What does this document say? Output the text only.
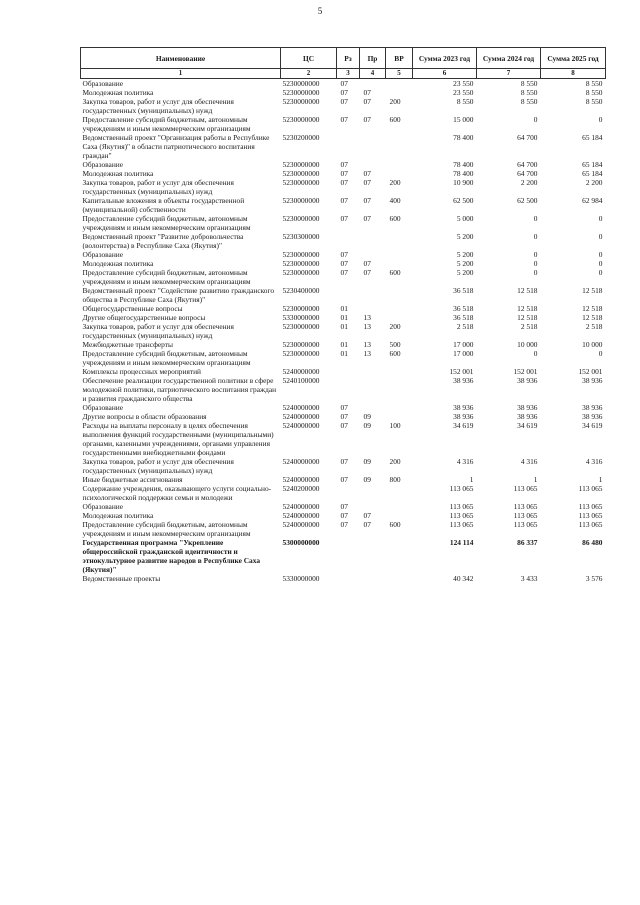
5
Наименование	ЦС	Рз	Пр	ВР	Сумма 2023 год	Сумма 2024 год	Сумма 2025 год
1	2	3	4	5	6	7	8
Образование	5230000000	07			23 550	8 550	8 550
Молодежная политика	5230000000	07	07		23 550	8 550	8 550
Закупка товаров, работ и услуг для обеспечения государственных (муниципальных) нужд	5230000000	07	07	200	8 550	8 550	8 550
Предоставление субсидий бюджетным, автономным учреждениям и иным некоммерческим организациям	5230000000	07	07	600	15 000	0	0
Ведомственный проект "Организация работы в Республике Саха (Якутия)" в области патриотического воспитания граждан"	5230200000				78 400	64 700	65 184
Образование	5230000000	07			78 400	64 700	65 184
Молодежная политика	5230000000	07	07		78 400	64 700	65 184
Закупка товаров, работ и услуг для обеспечения государственных (муниципальных) нужд	5230000000	07	07	200	10 900	2 200	2 200
Капитальные вложения в объекты государственной (муниципальной) собственности	5230000000	07	07	400	62 500	62 500	62 984
Предоставление субсидий бюджетным, автономным учреждениям и иным некоммерческим организациям	5230000000	07	07	600	5 000	0	0
Ведомственный проект "Развитие добровольчества (волонтерства) в Республике Саха (Якутия)"	5230300000				5 200	0	0
Образование	5230000000	07			5 200	0	0
Молодежная политика	5230000000	07	07		5 200	0	0
Предоставление субсидий бюджетным, автономным учреждениям и иным некоммерческим организациям	5230000000	07	07	600	5 200	0	0
Ведомственный проект "Содействие развитию гражданского общества в Республике Саха (Якутия)"	5230400000				36 518	12 518	12 518
Общегосударственные вопросы	5230000000	01			36 518	12 518	12 518
Другие общегосударственные вопросы	5330000000	01	13		36 518	12 518	12 518
Закупка товаров, работ и услуг для обеспечения государственных (муниципальных) нужд	5230000000	01	13	200	2 518	2 518	2 518
Межбюджетные трансферты	5230000000	01	13	500	17 000	10 000	10 000
Предоставление субсидий бюджетным, автономным учреждениям и иным некоммерческим организациям	5230000000	01	13	600	17 000	0	0
Комплексы процессных мероприятий	5240000000				152 001	152 001	152 001
Обеспечение реализации государственной политики в сфере молодежной политики, патриотического воспитания граждан и развития гражданского общества	5240100000				38 936	38 936	38 936
Образование	5240000000	07			38 936	38 936	38 936
Другие вопросы в области образования	5240000000	07	09		38 936	38 936	38 936
Расходы на выплаты персоналу в целях обеспечения выполнения функций государственными (муниципальными) органами, казенными учреждениями, органами управления государственными внебюджетными фондами	5240000000	07	09	100	34 619	34 619	34 619
Закупка товаров, работ и услуг для обеспечения государственных (муниципальных) нужд	5240000000	07	09	200	4 316	4 316	4 316
Иные бюджетные ассигнования	5240000000	07	09	800	1	1	1
Содержание учреждения, оказывающего услуги социально-психологической поддержки семьи и молодежи	5240200000				113 065	113 065	113 065
Образование	5240000000	07			113 065	113 065	113 065
Молодежная политика	5240000000	07	07		113 065	113 065	113 065
Предоставление субсидий бюджетным, автономным учреждениям и иным некоммерческим организациям	5240000000	07	07	600	113 065	113 065	113 065
Государственная программа "Укрепление общероссийской гражданской идентичности и этнокультурное развитие народов в Республике Саха (Якутия)"	5300000000				124 114	86 337	86 480
Ведомственные проекты	5330000000				40 342	3 433	3 576
